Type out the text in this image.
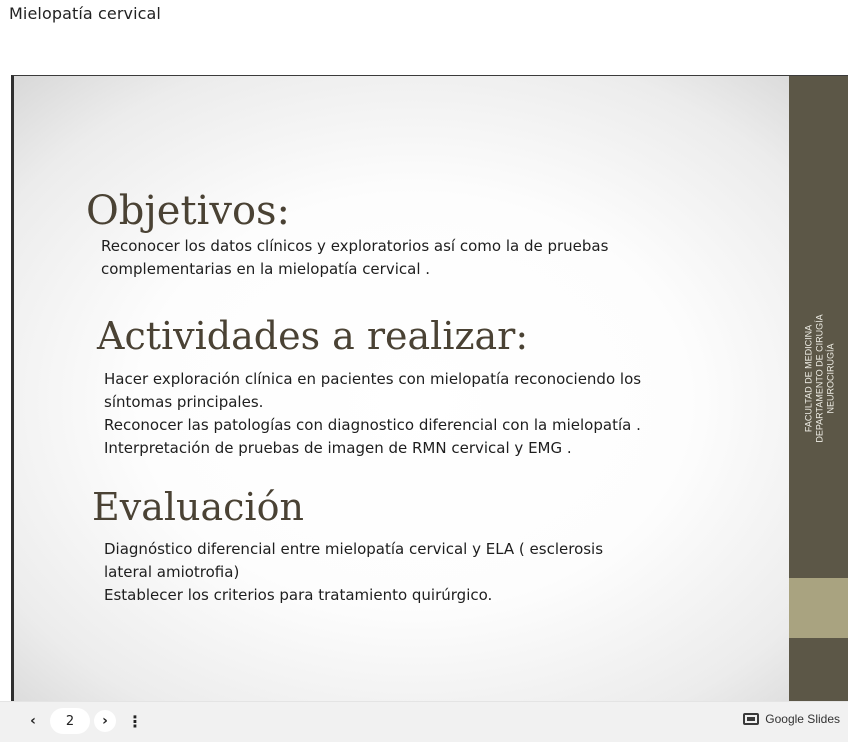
Mielopatía cervical
FACULTAD DE MEDICINA DEPARTAMENTO DE CIRUGÍA NEUROCIRUGÍA
Objetivos:
Reconocer los datos clínicos y exploratorios así como la de pruebas
complementarias en la mielopatía cervical .
Actividades a realizar:
Hacer exploración clínica en pacientes con mielopatía reconociendo los
síntomas principales.
Reconocer las patologías con diagnostico diferencial con la mielopatía .
Interpretación de pruebas de imagen de RMN cervical y EMG .
Evaluación
Diagnóstico diferencial entre mielopatía cervical y ELA ( esclerosis
lateral amiotrofia)
Establecer los criterios para tratamiento quirúrgico.
‹	2	›	⋮	Google Slides
